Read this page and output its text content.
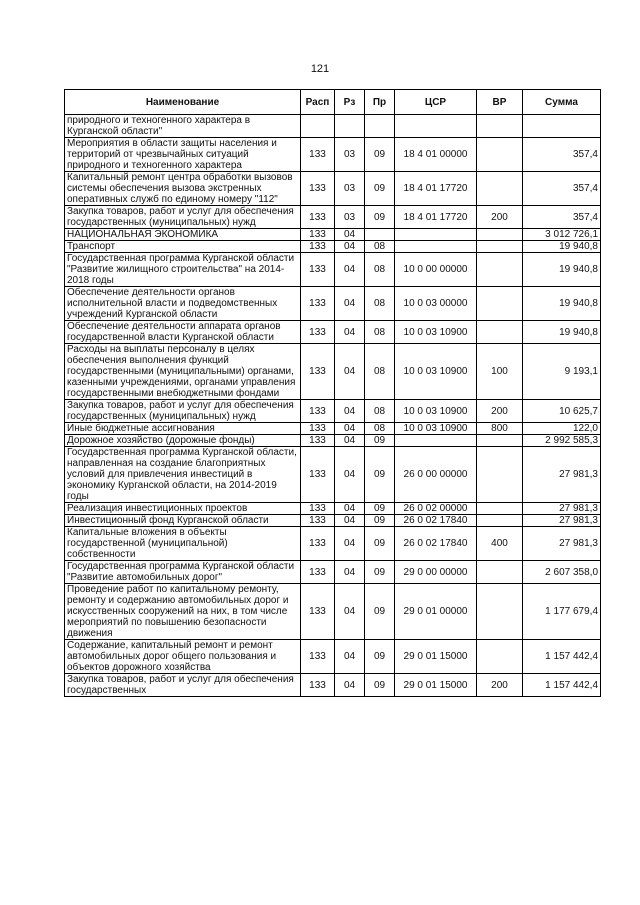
121
Наименование	Расп	Рз	Пр	ЦСР	ВР	Сумма
природного и техногенного характера в Курганской области"						
Мероприятия в области защиты населения и территорий от чрезвычайных ситуаций природного и техногенного характера	133	03	09	18 4 01 00000		357,4
Капитальный ремонт центра обработки вызовов системы обеспечения вызова экстренных оперативных служб по единому номеру "112"	133	03	09	18 4 01 17720		357,4
Закупка товаров, работ и услуг для обеспечения государственных (муниципальных) нужд	133	03	09	18 4 01 17720	200	357,4
НАЦИОНАЛЬНАЯ ЭКОНОМИКА	133	04				3 012 726,1
Транспорт	133	04	08			19 940,8
Государственная программа Курганской области "Развитие жилищного строительства" на 2014-2018 годы	133	04	08	10 0 00 00000		19 940,8
Обеспечение деятельности органов исполнительной власти и подведомственных учреждений Курганской области	133	04	08	10 0 03 00000		19 940,8
Обеспечение деятельности аппарата органов государственной власти Курганской области	133	04	08	10 0 03 10900		19 940,8
Расходы на выплаты персоналу в целях обеспечения выполнения функций государственными (муниципальными) органами, казенными учреждениями, органами управления государственными внебюджетными фондами	133	04	08	10 0 03 10900	100	9 193,1
Закупка товаров, работ и услуг для обеспечения государственных (муниципальных) нужд	133	04	08	10 0 03 10900	200	10 625,7
Иные бюджетные ассигнования	133	04	08	10 0 03 10900	800	122,0
Дорожное хозяйство (дорожные фонды)	133	04	09			2 992 585,3
Государственная программа Курганской области, направленная на создание благоприятных условий для привлечения инвестиций в экономику Курганской области, на 2014-2019 годы	133	04	09	26 0 00 00000		27 981,3
Реализация инвестиционных проектов	133	04	09	26 0 02 00000		27 981,3
Инвестиционный фонд Курганской области	133	04	09	26 0 02 17840		27 981,3
Капитальные вложения в объекты государственной (муниципальной) собственности	133	04	09	26 0 02 17840	400	27 981,3
Государственная программа Курганской области "Развитие автомобильных дорог"	133	04	09	29 0 00 00000		2 607 358,0
Проведение работ по капитальному ремонту, ремонту и содержанию автомобильных дорог и искусственных сооружений на них, в том числе мероприятий по повышению безопасности движения	133	04	09	29 0 01 00000		1 177 679,4
Содержание, капитальный ремонт и ремонт автомобильных дорог общего пользования и объектов дорожного хозяйства	133	04	09	29 0 01 15000		1 157 442,4
Закупка товаров, работ и услуг для обеспечения государственных	133	04	09	29 0 01 15000	200	1 157 442,4
